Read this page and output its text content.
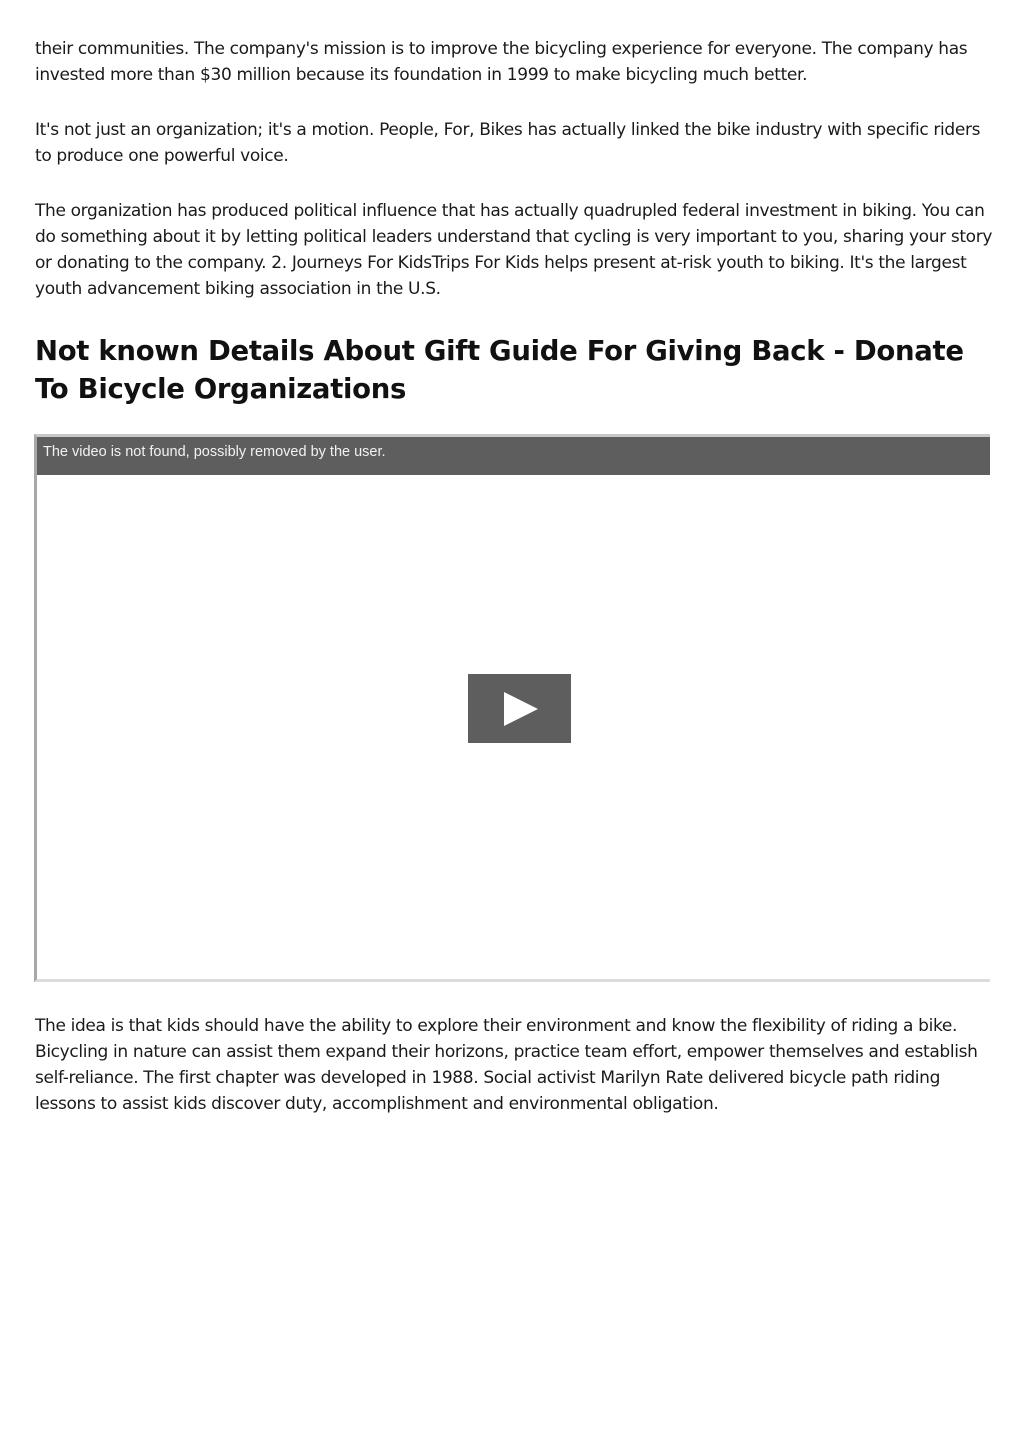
their communities. The company's mission is to improve the bicycling experience for everyone. The company has invested more than $30 million because its foundation in 1999 to make bicycling much better.

It's not just an organization; it's a motion. People, For, Bikes has actually linked the bike industry with specific riders to produce one powerful voice.

The organization has produced political influence that has actually quadrupled federal investment in biking. You can do something about it by letting political leaders understand that cycling is very important to you, sharing your story or donating to the company. 2. Journeys For KidsTrips For Kids helps present at-risk youth to biking. It's the largest youth advancement biking association in the U.S.

Not known Details About Gift Guide For Giving Back - Donate To Bicycle Organizations
The video is not found, possibly removed by the user.

The idea is that kids should have the ability to explore their environment and know the flexibility of riding a bike. Bicycling in nature can assist them expand their horizons, practice team effort, empower themselves and establish self-reliance. The first chapter was developed in 1988. Social activist Marilyn Rate delivered bicycle path riding lessons to assist kids discover duty, accomplishment and environmental obligation.
